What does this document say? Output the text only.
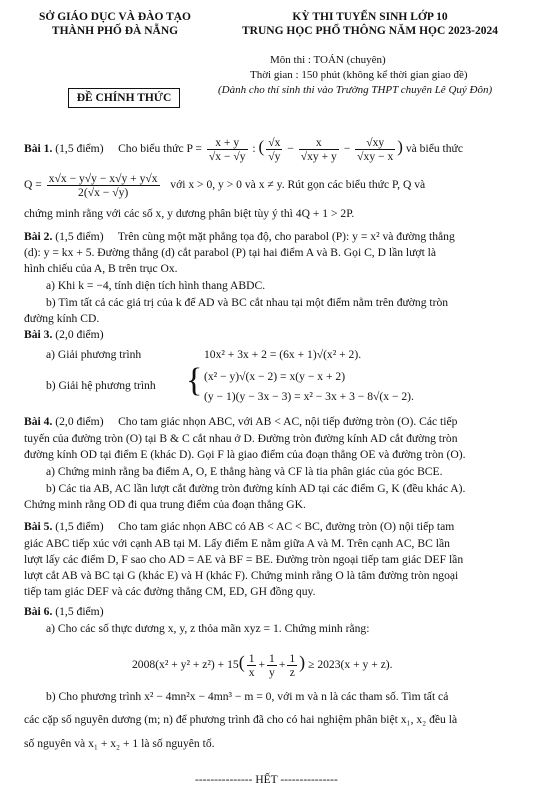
SỞ GIÁO DỤC VÀ ĐÀO TẠO
THÀNH PHỐ ĐÀ NẴNG
KỲ THI TUYỂN SINH LỚP 10
TRUNG HỌC PHỔ THÔNG NĂM HỌC 2023-2024
ĐỀ CHÍNH THỨC
Môn thi : TOÁN (chuyên)
Thời gian : 150 phút (không kể thời gian giao đề)
(Dành cho thí sinh thi vào Trường THPT chuyên Lê Quý Đôn)
Bài 1. (1,5 điểm) Cho biểu thức $P = \frac{x + y}{√x - √y}$ : ( $\frac{√x}{√y} - \frac{x}{√xy + y} - \frac{√xy}{√xy - x}$ ) và biểu thức
$Q = \frac{x√x - y√y - x√y + y√x}{2(√x - √y)}$ với x > 0, y > 0 và x ≠ y. Rút gọn các biểu thức P, Q và
chứng minh rằng với các số x, y dương phân biệt tùy ý thì 4Q + 1 > 2P.
Bài 2. (1,5 điểm) Trên cùng một mặt phẳng tọa độ, cho parabol (P): y = x² và đường thẳng
(d): y = kx + 5. Đường thẳng (d) cắt parabol (P) tại hai điểm A và B. Gọi C, D lần lượt là
hình chiếu của A, B trên trục Ox.
a) Khi k = −4, tính diện tích hình thang ABDC.
b) Tìm tất cả các giá trị của k để AD và BC cắt nhau tại một điểm nằm trên đường tròn
đường kính CD.
Bài 3. (2,0 điểm)
a) Giải phương trình	10x² + 3x + 2 = (6x + 1)√(x² + 2).
b) Giải hệ phương trình { (x² − y)√(x − 2) = x(y − x + 2)
(y − 1)(y − 3x − 3) = x² − 3x + 3 − 8√(x − 2).
Bài 4. (2,0 điểm) Cho tam giác nhọn ABC, với AB < AC, nội tiếp đường tròn (O). Các tiếp
tuyến của đường tròn (O) tại B & C cắt nhau ở D. Đường tròn đường kính AD cắt đường tròn
đường kính OD tại điểm E (khác D). Gọi F là giao điểm của đoạn thẳng OE và đường tròn (O).
a) Chứng minh rằng ba điểm A, O, E thẳng hàng và CF là tia phân giác của góc BCE.
b) Các tia AB, AC lần lượt cắt đường tròn đường kính AD tại các điểm G, K (đều khác A).
Chứng minh rằng OD đi qua trung điểm của đoạn thẳng GK.
Bài 5. (1,5 điểm) Cho tam giác nhọn ABC có AB < AC < BC, đường tròn (O) nội tiếp tam
giác ABC tiếp xúc với cạnh AB tại M. Lấy điểm E nằm giữa A và M. Trên cạnh AC, BC lần
lượt lấy các điểm D, F sao cho AD = AE và BF = BE. Đường tròn ngoại tiếp tam giác DEF lần
lượt cắt AB và BC tại G (khác E) và H (khác F). Chứng minh rằng O là tâm đường tròn ngoại
tiếp tam giác DEF và các đường thẳng CM, ED, GH đồng quy.
Bài 6. (1,5 điểm)
a) Cho các số thực dương x, y, z thỏa mãn xyz = 1. Chứng minh rằng:
$2008(x^2 + y^2 + z^2) + 15( \frac{1}{x} + \frac{1}{y} + \frac{1}{z}$ ) ≥ 2023(x + y + z).
b) Cho phương trình x² − 4mn²x − 4mn³ − m = 0, với m và n là các tham số. Tìm tất cả
các cặp số nguyên dương (m; n) để phương trình đã cho có hai nghiệm phân biệt x₁, x₂ đều là
số nguyên và x₁ + x₂ + 1 là số nguyên tố.
--------------- HẾT ---------------
